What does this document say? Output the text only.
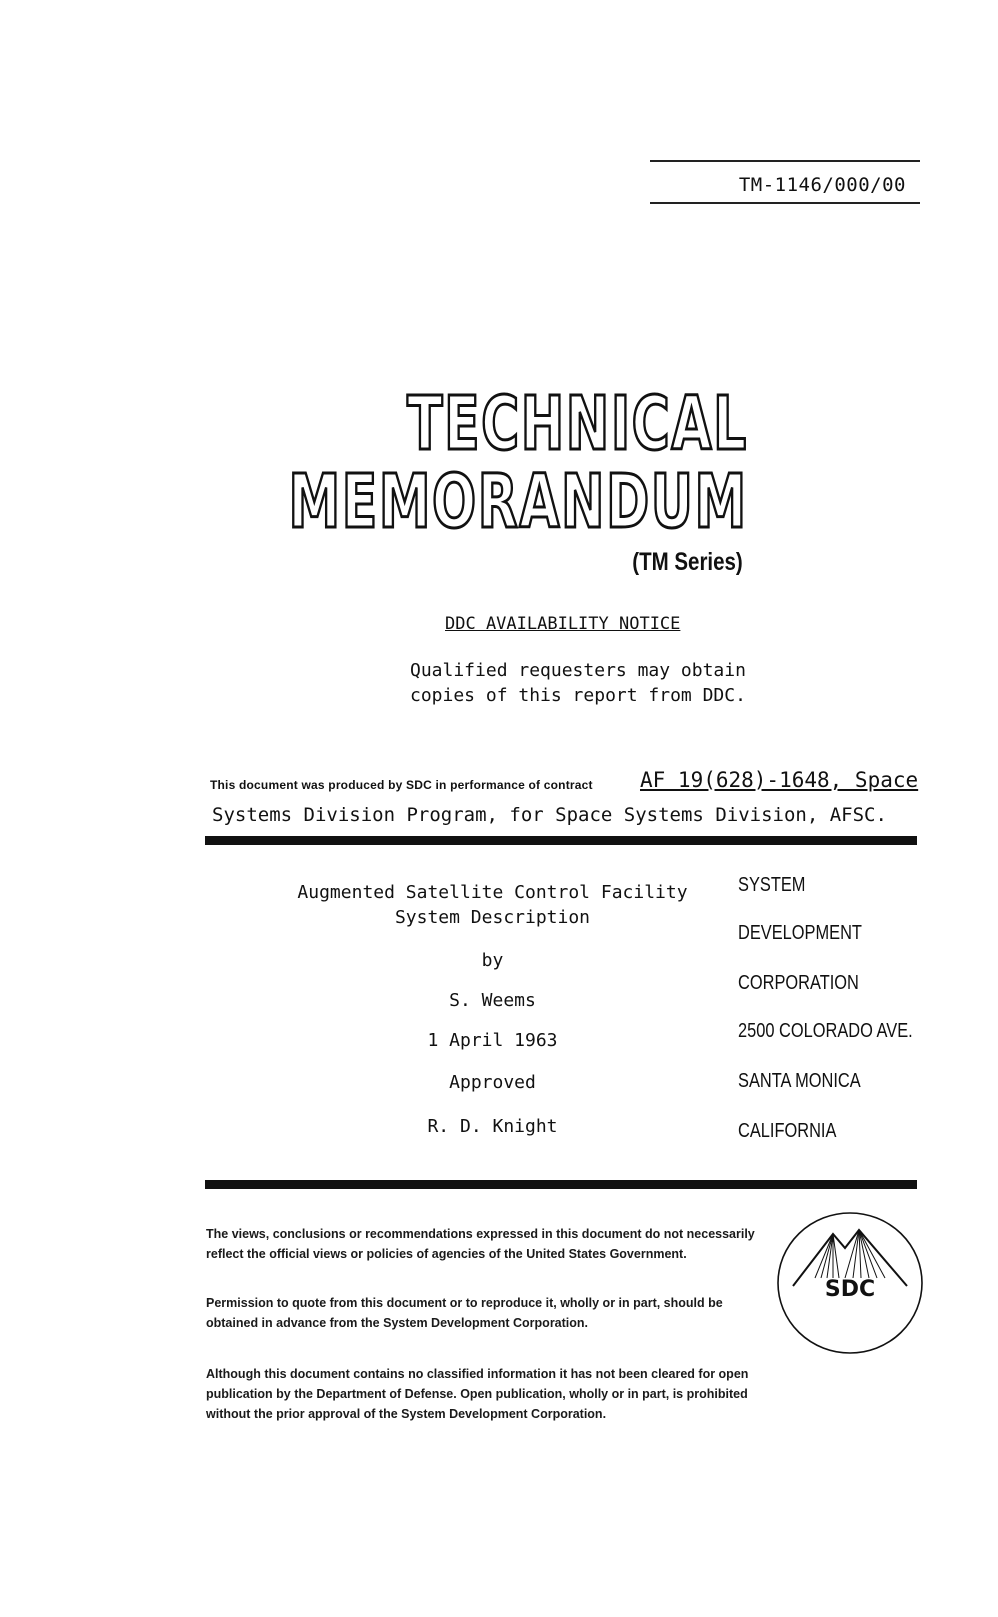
TM-1146/000/00
TECHNICAL
MEMORANDUM
(TM Series)
DDC AVAILABILITY NOTICE
Qualified requesters may obtain
copies of this report from DDC.
This document was produced by SDC in performance of contract AF 19(628)-1648, Space
Systems Division Program, for Space Systems Division, AFSC.
Augmented Satellite Control Facility
System Description
by
S. Weems
1 April 1963
Approved
R. D. Knight
SYSTEM
DEVELOPMENT
CORPORATION
2500 COLORADO AVE.
SANTA MONICA
CALIFORNIA
The views, conclusions or recommendations expressed in this document do not necessarily reflect the official views or policies of agencies of the United States Government.
Permission to quote from this document or to reproduce it, wholly or in part, should be obtained in advance from the System Development Corporation.
Although this document contains no classified information it has not been cleared for open publication by the Department of Defense. Open publication, wholly or in part, is prohibited without the prior approval of the System Development Corporation.
SDC
